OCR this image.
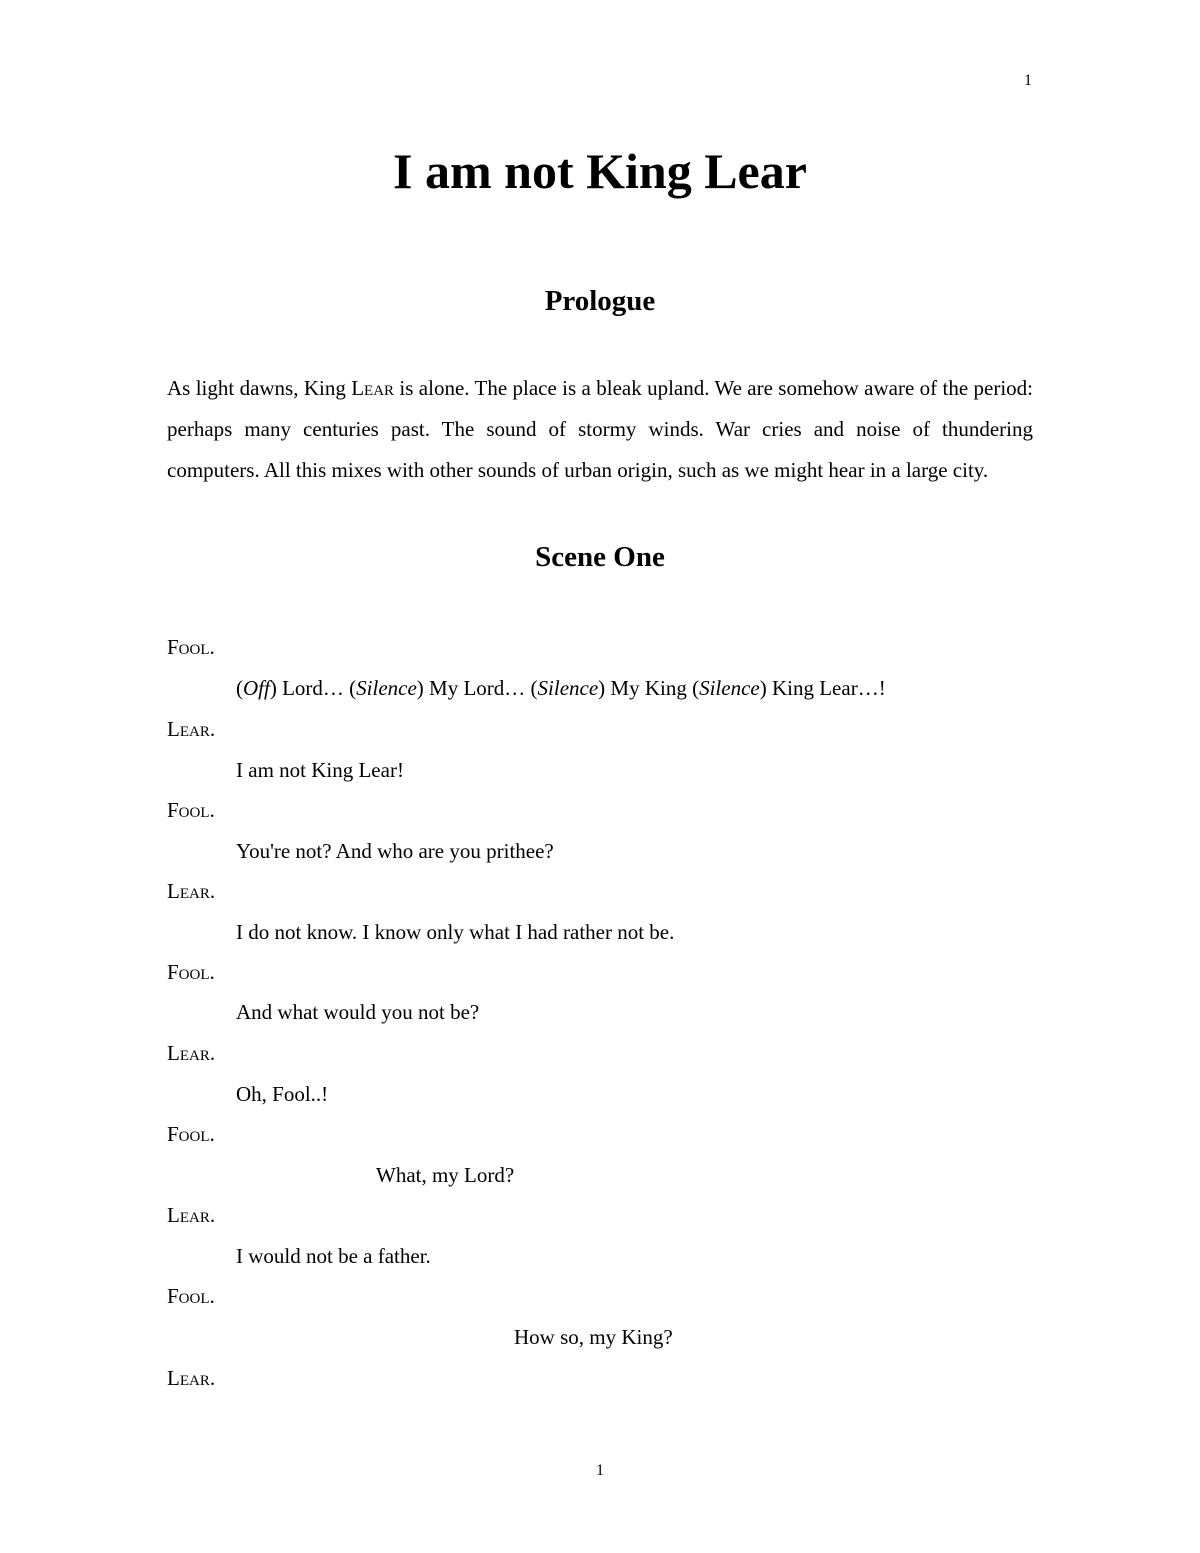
1
I am not King Lear
Prologue

As light dawns, King Lear is alone. The place is a bleak upland. We are somehow aware of the period: perhaps many centuries past. The sound of stormy winds. War cries and noise of thundering computers. All this mixes with other sounds of urban origin, such as we might hear in a large city.

Scene One

Fool.

(Off) Lord… (Silence) My Lord… (Silence) My King (Silence) King Lear…!

Lear.

I am not King Lear!

Fool.

You're not? And who are you prithee?

Lear.

I do not know. I know only what I had rather not be.

Fool.

And what would you not be?

Lear.

Oh, Fool..!

Fool.

What, my Lord?

Lear.

I would not be a father.

Fool.

How so, my King?

Lear.

1
